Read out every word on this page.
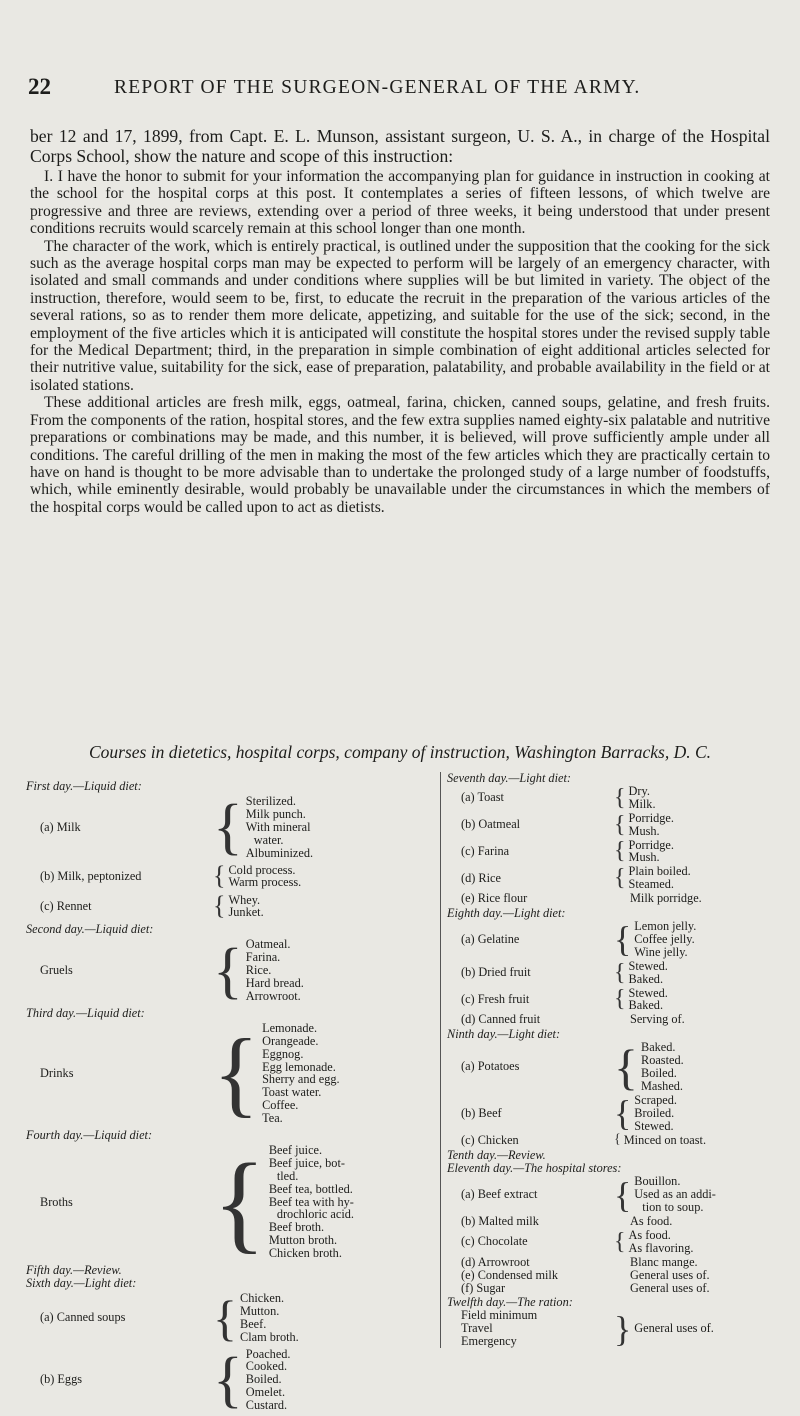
22	REPORT OF THE SURGEON-GENERAL OF THE ARMY.

ber 12 and 17, 1899, from Capt. E. L. Munson, assistant surgeon, U. S. A., in charge of the Hospital Corps School, show the nature and scope of this instruction:

I. I have the honor to submit for your information the accompanying plan for guidance in instruction in cooking at the school for the hospital corps at this post. It contemplates a series of fifteen lessons, of which twelve are progressive and three are reviews, extending over a period of three weeks, it being understood that under present conditions recruits would scarcely remain at this school longer than one month.

The character of the work, which is entirely practical, is outlined under the supposition that the cooking for the sick such as the average hospital corps man may be expected to perform will be largely of an emergency character, with isolated and small commands and under conditions where supplies will be but limited in variety. The object of the instruction, therefore, would seem to be, first, to educate the recruit in the preparation of the various articles of the several rations, so as to render them more delicate, appetizing, and suitable for the use of the sick; second, in the employment of the five articles which it is anticipated will constitute the hospital stores under the revised supply table for the Medical Department; third, in the preparation in simple combination of eight additional articles selected for their nutritive value, suitability for the sick, ease of preparation, palatability, and probable availability in the field or at isolated stations.

These additional articles are fresh milk, eggs, oatmeal, farina, chicken, canned soups, gelatine, and fresh fruits. From the components of the ration, hospital stores, and the few extra supplies named eighty-six palatable and nutritive preparations or combinations may be made, and this number, it is believed, will prove sufficiently ample under all conditions. The careful drilling of the men in making the most of the few articles which they are practically certain to have on hand is thought to be more advisable than to undertake the prolonged study of a large number of foodstuffs, which, while eminently desirable, would probably be unavailable under the circumstances in which the members of the hospital corps would be called upon to act as dietists.

Courses in dietetics, hospital corps, company of instruction, Washington Barracks, D. C.
First day.—Liquid diet:
(a) Milk	{ Sterilized.
Milk punch.
With mineral
water.
Albuminized.
(b) Milk, peptonized	{ Cold process.
Warm process.
(c) Rennet	{ Whey.
Junket.
Second day.—Liquid diet:
Gruels	{ Oatmeal.
Farina.
Rice.
Hard bread.
Arrowroot.
Third day.—Liquid diet:
Drinks	{ Lemonade.
Orangeade.
Eggnog.
Egg lemonade.
Sherry and egg.
Toast water.
Coffee.
Tea.
Fourth day.—Liquid diet:
Broths	{ Beef juice.
Beef juice, bot-
tled.
Beef tea, bottled.
Beef tea with hy-
drochloric acid.
Beef broth.
Mutton broth.
Chicken broth.
Fifth day.—Review.
Sixth day.—Light diet:
(a) Canned soups	{ Chicken.
Mutton.
Beef.
Clam broth.
(b) Eggs	{ Poached.
Cooked.
Boiled.
Omelet.
Custard.
Seventh day.—Light diet:
(a) Toast	{ Dry.
Milk.
(b) Oatmeal	{ Porridge.
Mush.
(c) Farina	{ Porridge.
Mush.
(d) Rice	{ Plain boiled.
Steamed.
(e) Rice flour	Milk porridge.
Eighth day.—Light diet:
(a) Gelatine	{ Lemon jelly.
Coffee jelly.
Wine jelly.
(b) Dried fruit	{ Stewed.
Baked.
(c) Fresh fruit	{ Stewed.
Baked.
(d) Canned fruit	Serving of.
Ninth day.—Light diet:
(a) Potatoes	{ Baked.
Roasted.
Boiled.
Mashed.
(b) Beef	{ Scraped.
Broiled.
Stewed.
(c) Chicken	{ Minced on toast.
Tenth day.—Review.
Eleventh day.—The hospital stores:
(a) Beef extract	{ Bouillon.
Used as an addi-
tion to soup.
(b) Malted milk	As food.
(c) Chocolate	{ As food.
As flavoring.
(d) Arrowroot	Blanc mange.
(e) Condensed milk	General uses of.
(f) Sugar	General uses of.
Twelfth day.—The ration:
Field minimum
Travel
Emergency	} General uses of.
